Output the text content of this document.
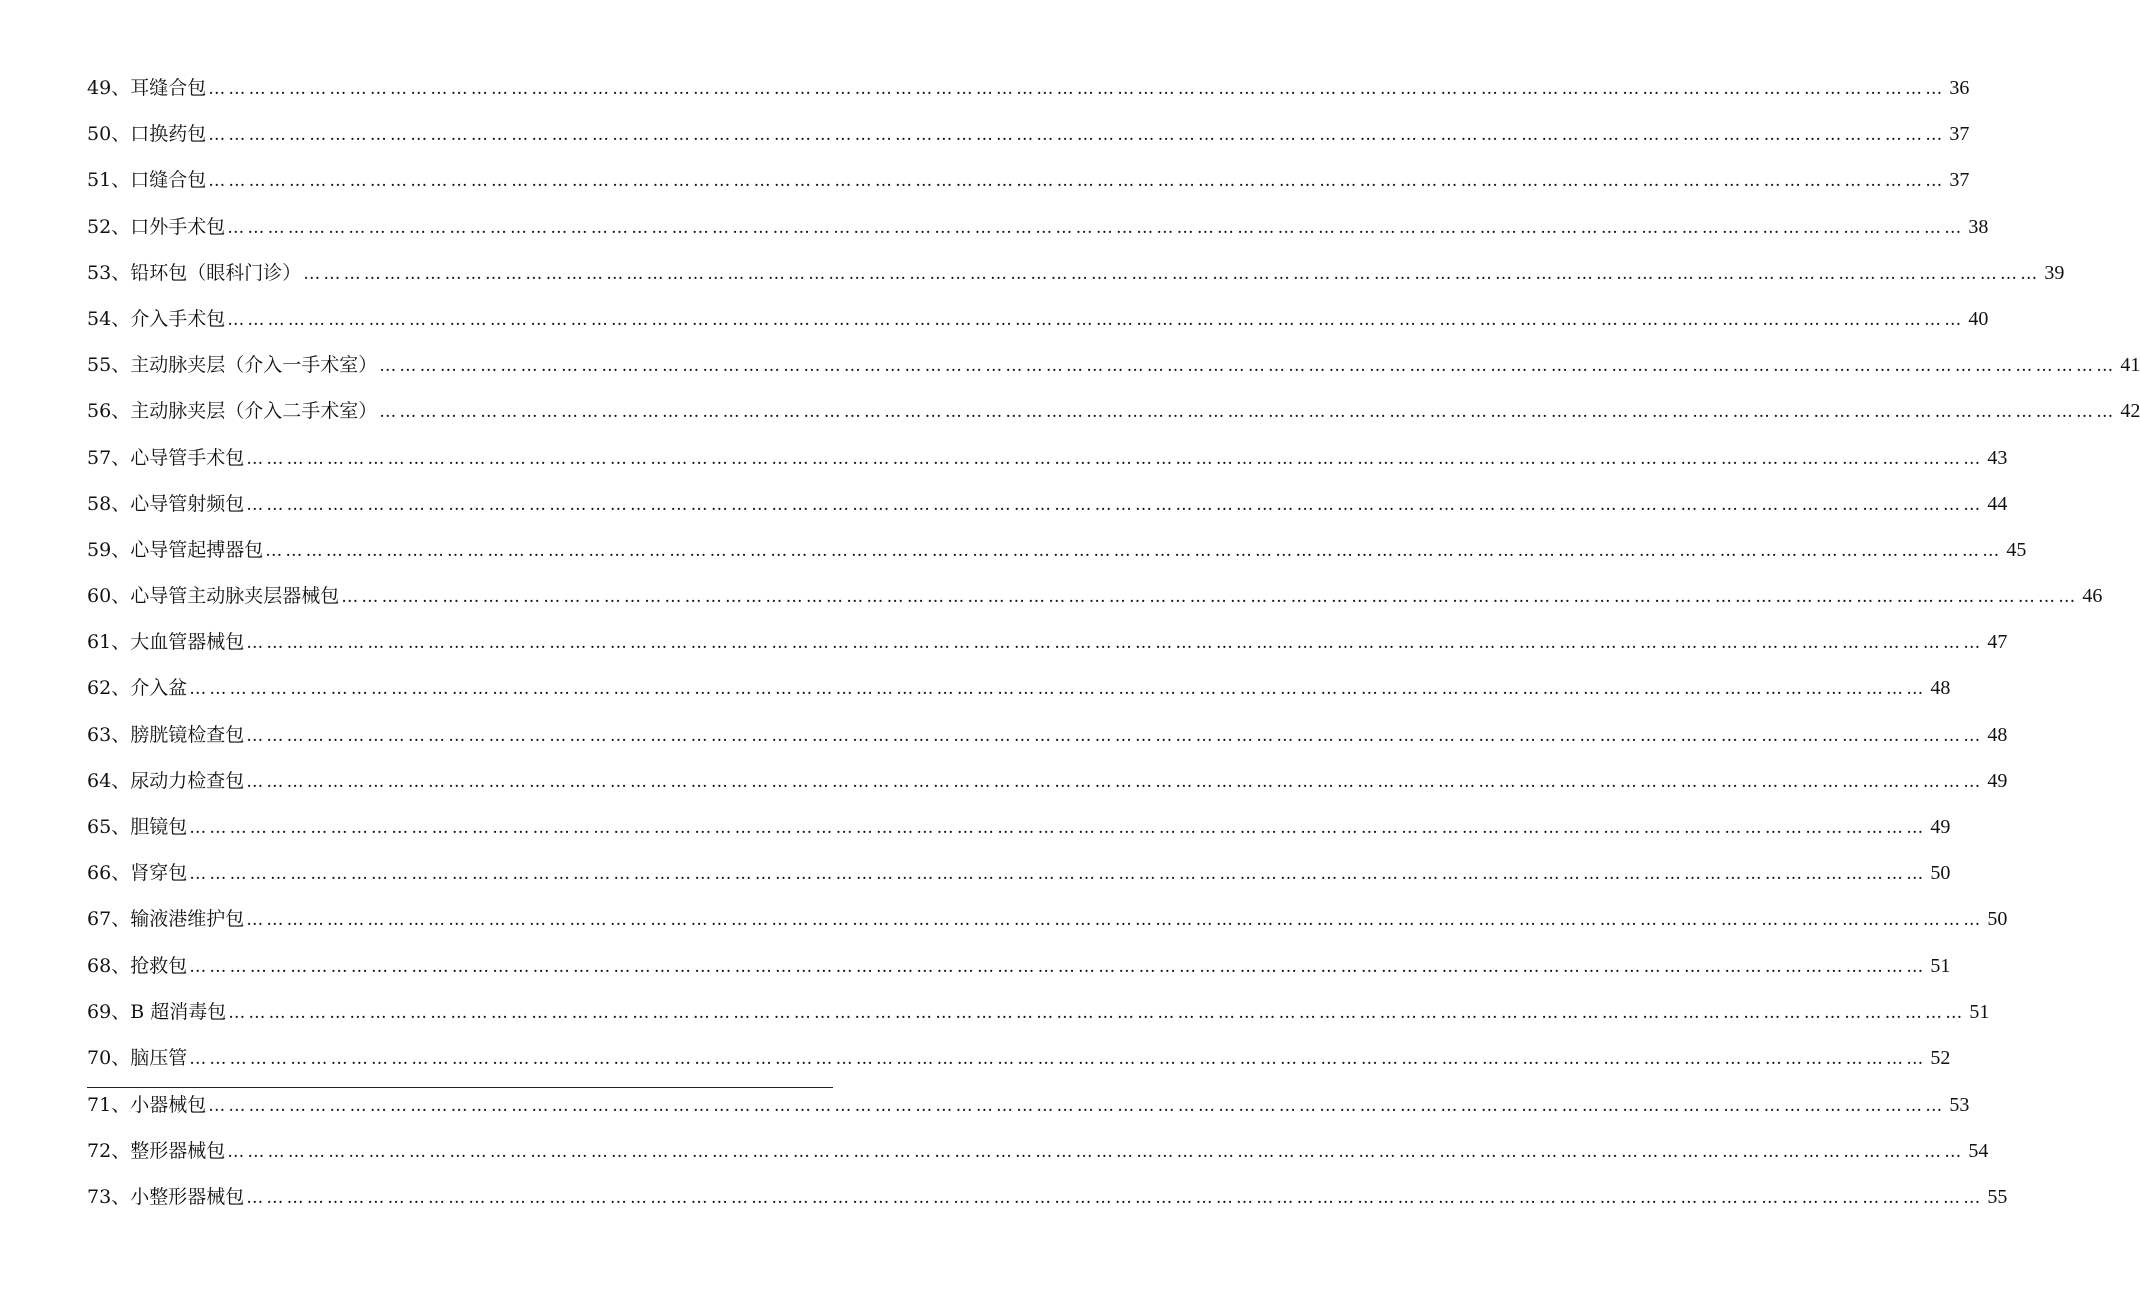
49、耳缝合包 …………………………………………………………………………………………………………………………………………………………………………………………………………………………………… 36
50、口换药包 …………………………………………………………………………………………………………………………………………………………………………………………………………………………………… 37
51、口缝合包 …………………………………………………………………………………………………………………………………………………………………………………………………………………………………… 37
52、口外手术包 …………………………………………………………………………………………………………………………………………………………………………………………………………………………………… 38
53、铅环包（眼科门诊） …………………………………………………………………………………………………………………………………………………………………………………………………………………………………… 39
54、介入手术包 …………………………………………………………………………………………………………………………………………………………………………………………………………………………………… 40
55、主动脉夹层（介入一手术室） …………………………………………………………………………………………………………………………………………………………………………………………………………………………………… 41
56、主动脉夹层（介入二手术室） …………………………………………………………………………………………………………………………………………………………………………………………………………………………………… 42
57、心导管手术包 …………………………………………………………………………………………………………………………………………………………………………………………………………………………………… 43
58、心导管射频包 …………………………………………………………………………………………………………………………………………………………………………………………………………………………………… 44
59、心导管起搏器包 …………………………………………………………………………………………………………………………………………………………………………………………………………………………………… 45
60、心导管主动脉夹层器械包 …………………………………………………………………………………………………………………………………………………………………………………………………………………………………… 46
61、大血管器械包 …………………………………………………………………………………………………………………………………………………………………………………………………………………………………… 47
62、介入盆 …………………………………………………………………………………………………………………………………………………………………………………………………………………………………… 48
63、膀胱镜检查包 …………………………………………………………………………………………………………………………………………………………………………………………………………………………………… 48
64、尿动力检查包 …………………………………………………………………………………………………………………………………………………………………………………………………………………………………… 49
65、胆镜包 …………………………………………………………………………………………………………………………………………………………………………………………………………………………………… 49
66、肾穿包 …………………………………………………………………………………………………………………………………………………………………………………………………………………………………… 50
67、输液港维护包 …………………………………………………………………………………………………………………………………………………………………………………………………………………………………… 50
68、抢救包 …………………………………………………………………………………………………………………………………………………………………………………………………………………………………… 51
69、B 超消毒包 …………………………………………………………………………………………………………………………………………………………………………………………………………………………………… 51
70、脑压管 …………………………………………………………………………………………………………………………………………………………………………………………………………………………………… 52
71、小器械包 …………………………………………………………………………………………………………………………………………………………………………………………………………………………………… 53
72、整形器械包 …………………………………………………………………………………………………………………………………………………………………………………………………………………………………… 54
73、小整形器械包 …………………………………………………………………………………………………………………………………………………………………………………………………………………………………… 55
